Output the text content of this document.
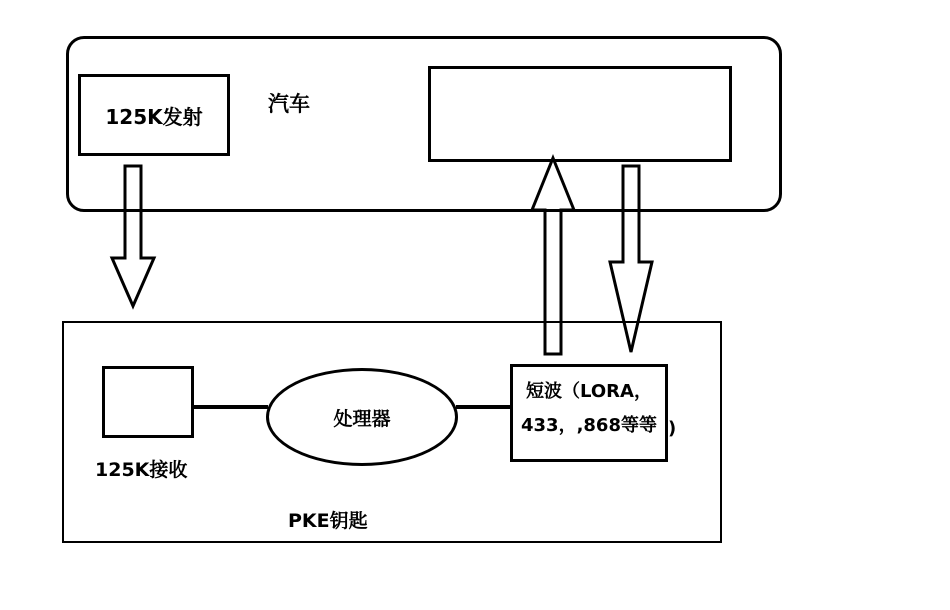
汽车
125K发射
PKE钥匙
125K接收
处理器
短波（LORA，
433，,868等等 )
